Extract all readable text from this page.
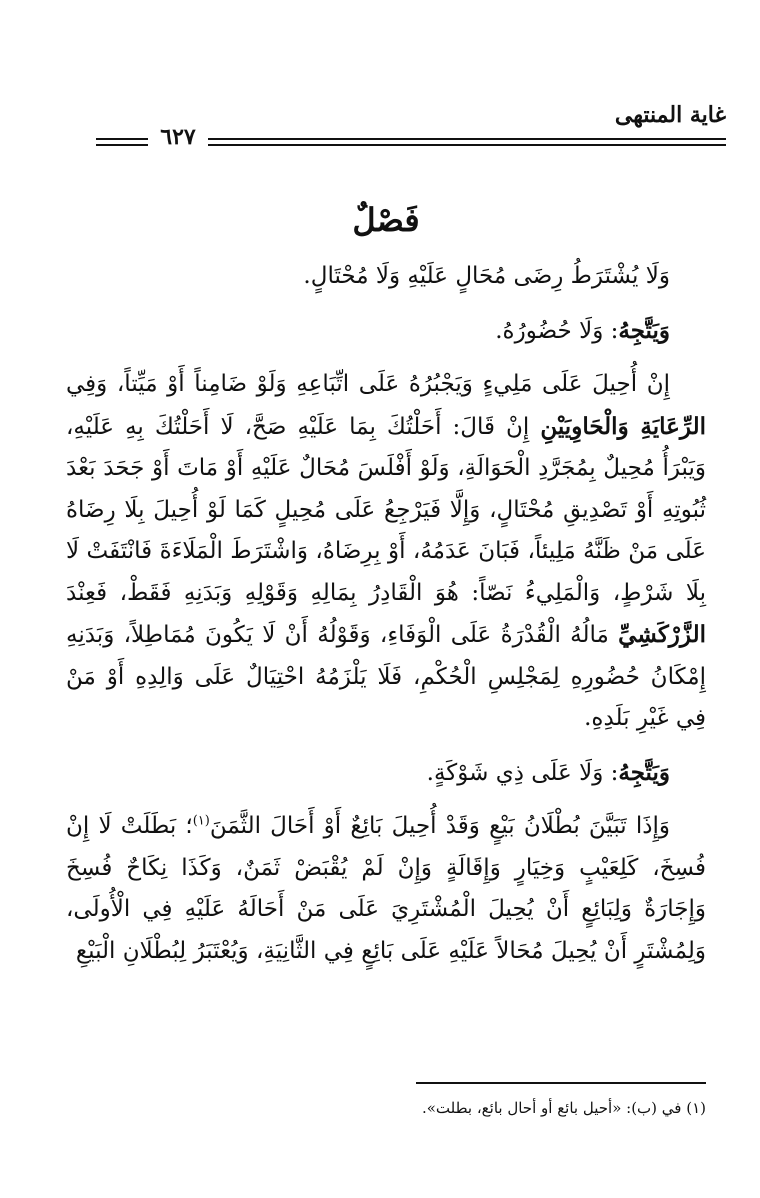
غاية المنتهى
٦٢٧
فَصْلٌ

وَلَا يُشْتَرَطُ رِضَى مُحَالٍ عَلَيْهِ وَلَا مُحْتَالٍ.

وَيَتَّجِهُ: وَلَا حُضُورُهُ.

إِنْ أُحِيلَ عَلَى مَلِيءٍ وَيَجْبُرُهُ عَلَى اتِّبَاعِهِ وَلَوْ ضَامِناً أَوْ مَيِّتاً، وَفِي الرِّعَايَةِ وَالْحَاوِيَيْنِ إِنْ قَالَ: أَحَلْتُكَ بِمَا عَلَيْهِ صَحَّ، لَا أَحَلْتُكَ بِهِ عَلَيْهِ، وَيَبْرَأُ مُحِيلٌ بِمُجَرَّدِ الْحَوَالَةِ، وَلَوْ أَفْلَسَ مُحَالٌ عَلَيْهِ أَوْ مَاتَ أَوْ جَحَدَ بَعْدَ ثُبُوتِهِ أَوْ تَصْدِيقِ مُحْتَالٍ، وَإِلَّا فَيَرْجِعُ عَلَى مُحِيلٍ كَمَا لَوْ أُحِيلَ بِلَا رِضَاهُ عَلَى مَنْ ظَنَّهُ مَلِيئاً، فَبَانَ عَدَمُهُ، أَوْ بِرِضَاهُ، وَاشْتَرَطَ الْمَلَاءَةَ فَانْتَفَتْ لَا بِلَا شَرْطٍ، وَالْمَلِيءُ نَصّاً: هُوَ الْقَادِرُ بِمَالِهِ وَقَوْلِهِ وَبَدَنِهِ فَقَطْ، فَعِنْدَ الزَّرْكَشِيِّ مَالُهُ الْقُدْرَةُ عَلَى الْوَفَاءِ، وَقَوْلُهُ أَنْ لَا يَكُونَ مُمَاطِلاً، وَبَدَنِهِ إِمْكَانُ حُضُورِهِ لِمَجْلِسِ الْحُكْمِ، فَلَا يَلْزَمُهُ احْتِيَالٌ عَلَى وَالِدِهِ أَوْ مَنْ فِي غَيْرِ بَلَدِهِ.

وَيَتَّجِهُ: وَلَا عَلَى ذِي شَوْكَةٍ.

وَإِذَا تَبَيَّنَ بُطْلَانُ بَيْعٍ وَقَدْ أُحِيلَ بَائِعٌ أَوْ أَحَالَ الثَّمَنَ$^{(١)}$؛ بَطَلَتْ لَا إِنْ فُسِخَ، كَلِعَيْبٍ وَخِيَارٍ وَإِقَالَةٍ وَإِنْ لَمْ يُقْبَضْ ثَمَنٌ، وَكَذَا نِكَاحٌ فُسِخَ وَإِجَارَةٌ وَلِبَائِعٍ أَنْ يُحِيلَ الْمُشْتَرِيَ عَلَى مَنْ أَحَالَهُ عَلَيْهِ فِي الْأُولَى، وَلِمُشْتَرٍ أَنْ يُحِيلَ مُحَالاً عَلَيْهِ عَلَى بَائِعٍ فِي الثَّانِيَةِ، وَيُعْتَبَرُ لِبُطْلَانِ الْبَيْعِ

(١) في (ب): «أحيل بائع أو أحال بائع، بطلت».
